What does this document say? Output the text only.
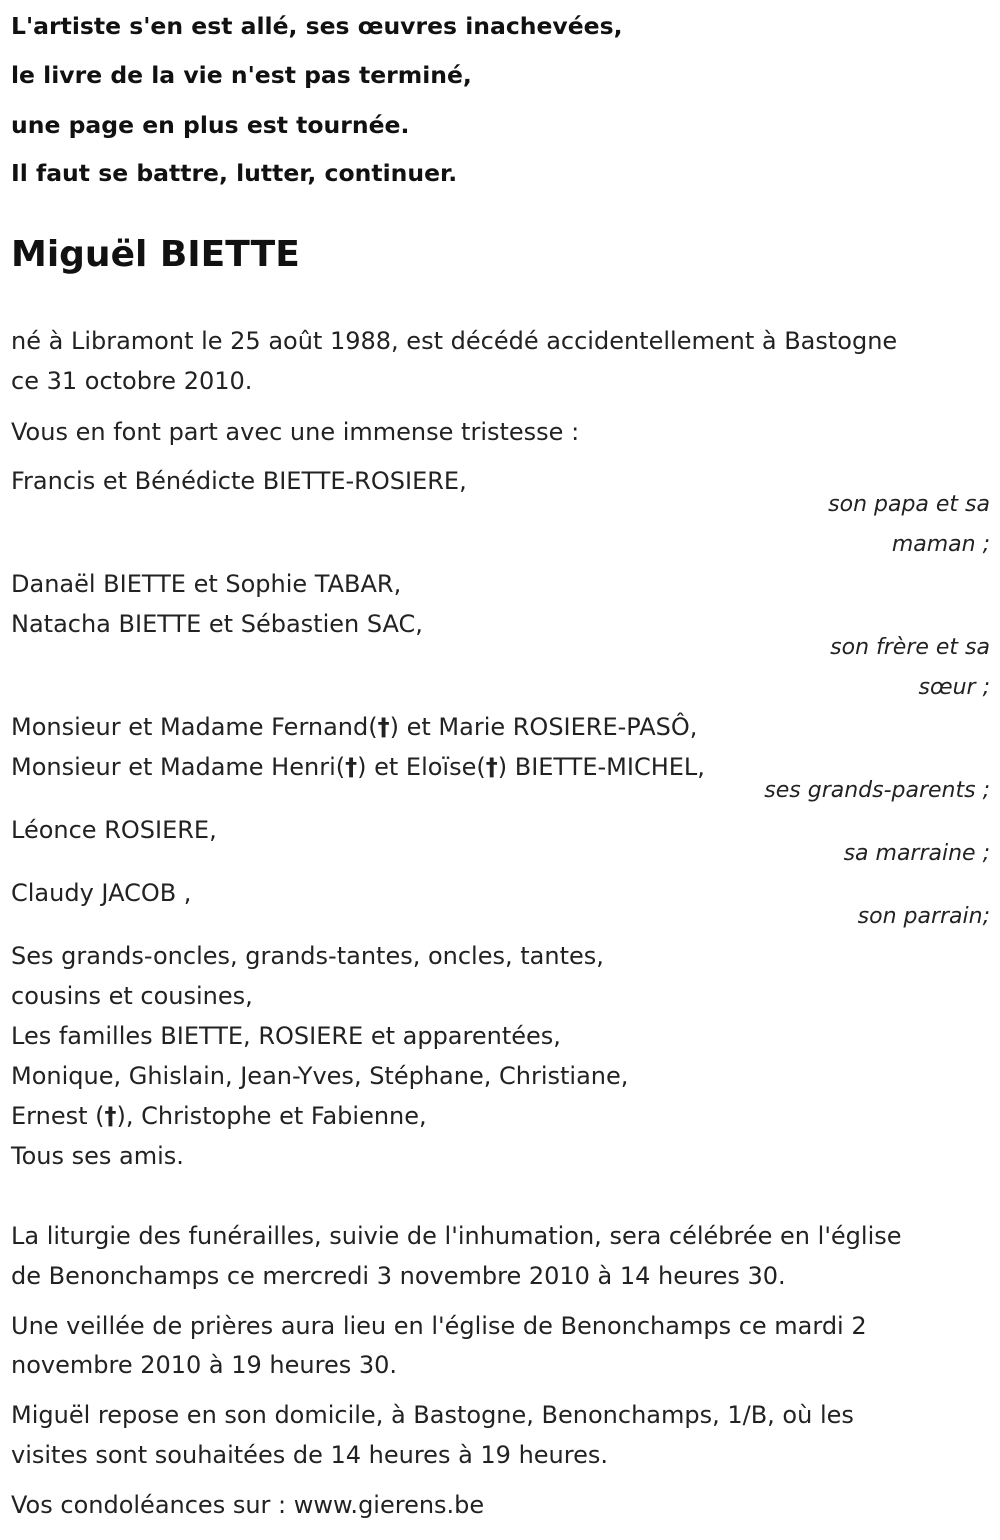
L'artiste s'en est allé, ses œuvres inachevées,
le livre de la vie n'est pas terminé,
une page en plus est tournée.
Il faut se battre, lutter, continuer.
Miguël BIETTE
né à Libramont le 25 août 1988, est décédé accidentellement à Bastogne
ce 31 octobre 2010.
Vous en font part avec une immense tristesse :
Francis et Bénédicte BIETTE-ROSIERE,
son papa et sa
maman ;
Danaël BIETTE et Sophie TABAR,
Natacha BIETTE et Sébastien SAC,
son frère et sa
sœur ;
Monsieur et Madame Fernand(†) et Marie ROSIERE-PASÔ,
Monsieur et Madame Henri(†) et Eloïse(†) BIETTE-MICHEL,
ses grands-parents ;
Léonce ROSIERE,
sa marraine ;
Claudy JACOB ,
son parrain;
Ses grands-oncles, grands-tantes, oncles, tantes,
cousins et cousines,
Les familles BIETTE, ROSIERE et apparentées,
Monique, Ghislain, Jean-Yves, Stéphane, Christiane,
Ernest (†), Christophe et Fabienne,
Tous ses amis.
La liturgie des funérailles, suivie de l'inhumation, sera célébrée en l'église
de Benonchamps ce mercredi 3 novembre 2010 à 14 heures 30.
Une veillée de prières aura lieu en l'église de Benonchamps ce mardi 2
novembre 2010 à 19 heures 30.
Miguël repose en son domicile, à Bastogne, Benonchamps, 1/B, où les
visites sont souhaitées de 14 heures à 19 heures.
Vos condoléances sur : www.gierens.be
